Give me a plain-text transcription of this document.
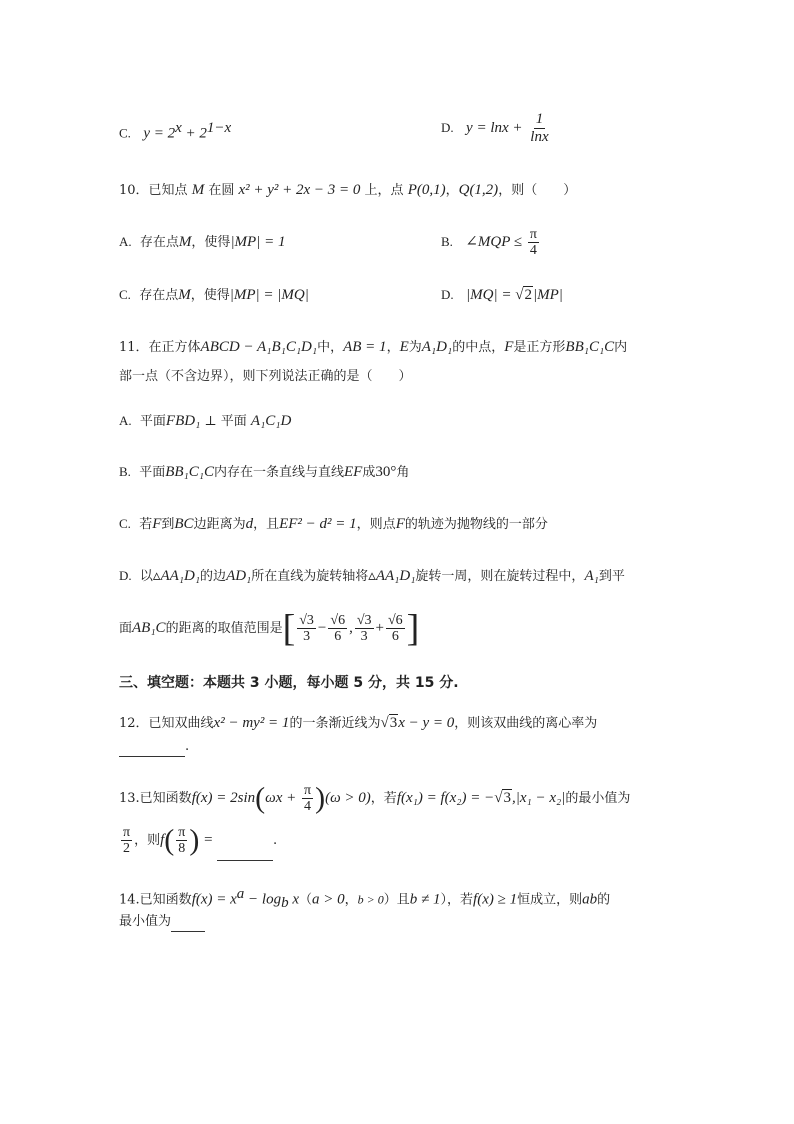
C. $y = 2^x + 2^{1-x}$	D. $y = \ln x + \frac{1}{\ln x}$
10．已知点 M 在圆 x² + y² + 2x − 3 = 0 上，点 P(0,1)，Q(1,2)，则（　　）
A. 存在点M，使得|MP| = 1	B. ∠MQP ≤ $\frac{\pi}{4}$
C. 存在点M，使得|MP| = |MQ|	D. |MQ| = √2|MP|
11．在正方体ABCD − A₁B₁C₁D₁中，AB = 1，E为A₁D₁的中点，F是正方形BB₁C₁C内
部一点（不含边界），则下列说法正确的是（　　）
A. 平面FBD₁ ⊥ 平面 A₁C₁D
B. 平面BB₁C₁C内存在一条直线与直线EF成30°角
C. 若F到BC边距离为d，且EF² − d² = 1，则点F的轨迹为抛物线的一部分
D. 以▵AA₁D₁的边AD₁所在直线为旋转轴将▵AA₁D₁旋转一周，则在旋转过程中，A₁到平
面AB₁C的距离的取值范围是[ $\frac{√3}{3} - \frac{√6}{6}$ , $\frac{√3}{3} + \frac{√6}{6}$ ]
三、填空题：本题共 3 小题，每小题 5 分，共 15 分.
12．已知双曲线x² − my² = 1的一条渐近线为√3x − y = 0，则该双曲线的离心率为
.
13.已知函数$f(x) = 2\sin(\omega x + \frac{\pi}{4} )(\omega > 0)$，若f(x₁) = f(x₂) = −√3,|x₁ − x₂|的最小值为
$\frac{\pi}{2}$ ，则$f( \frac{\pi}{8}$ ) =	.
14.已知函数$f(x) = x^a - \log_b x(a > 0$，b > 0）且b ≠ 1），若f(x) ≥ 1恒成立，则ab的
最小值为
